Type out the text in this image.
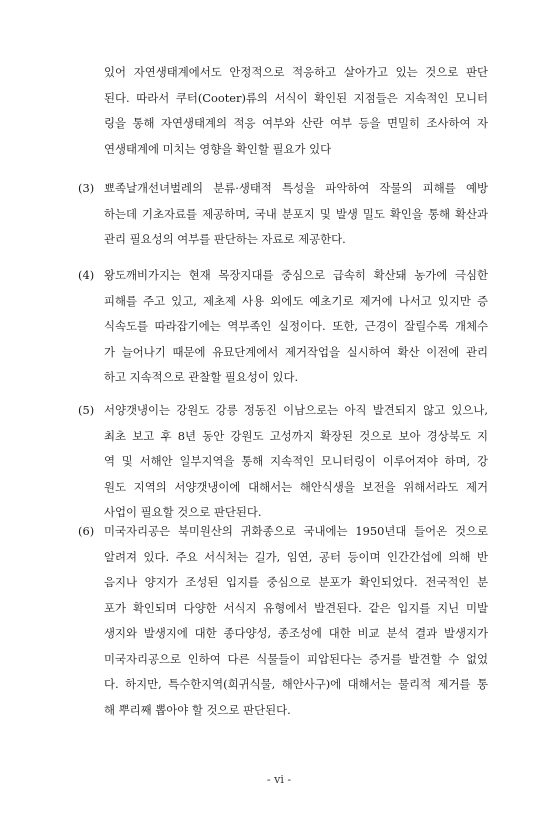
있어 자연생태계에서도 안정적으로 적응하고 살아가고 있는 것으로 판단
된다. 따라서 쿠터(Cooter)류의 서식이 확인된 지점들은 지속적인 모니터
링을 통해 자연생태계의 적응 여부와 산란 여부 등을 면밀히 조사하여 자
연생태계에 미치는 영향을 확인할 필요가 있다
(3) 뾰족날개선녀벌레의 분류·생태적 특성을 파악하여 작물의 피해를 예방
하는데 기초자료를 제공하며, 국내 분포지 및 발생 밀도 확인을 통해 확산과
관리 필요성의 여부를 판단하는 자료로 제공한다.
(4) 왕도깨비가지는 현재 목장지대를 중심으로 급속히 확산돼 농가에 극심한
피해를 주고 있고, 제초제 사용 외에도 예초기로 제거에 나서고 있지만 증
식속도를 따라잡기에는 역부족인 실정이다. 또한, 근경이 잘릴수록 개체수
가 늘어나기 때문에 유묘단계에서 제거작업을 실시하여 확산 이전에 관리
하고 지속적으로 관찰할 필요성이 있다.
(5) 서양갯냉이는 강원도 강릉 정동진 이남으로는 아직 발견되지 않고 있으나,
최초 보고 후 8년 동안 강원도 고성까지 확장된 것으로 보아 경상북도 지
역 및 서해안 일부지역을 통해 지속적인 모니터링이 이루어져야 하며, 강
원도 지역의 서양갯냉이에 대해서는 해안식생을 보전을 위해서라도 제거
사업이 필요할 것으로 판단된다.
(6) 미국자리공은 북미원산의 귀화종으로 국내에는 1950년대 들어온 것으로
알려져 있다. 주요 서식처는 길가, 임연, 공터 등이며 인간간섭에 의해 반
음지나 양지가 조성된 입지를 중심으로 분포가 확인되었다. 전국적인 분
포가 확인되며 다양한 서식지 유형에서 발견된다. 같은 입지를 지닌 미발
생지와 발생지에 대한 종다양성, 종조성에 대한 비교 분석 결과 발생지가
미국자리공으로 인하여 다른 식물들이 피압된다는 증거를 발견할 수 없었
다. 하지만, 특수한지역(희귀식물, 해안사구)에 대해서는 물리적 제거를 통
해 뿌리째 뽑아야 할 것으로 판단된다.
- vi -
